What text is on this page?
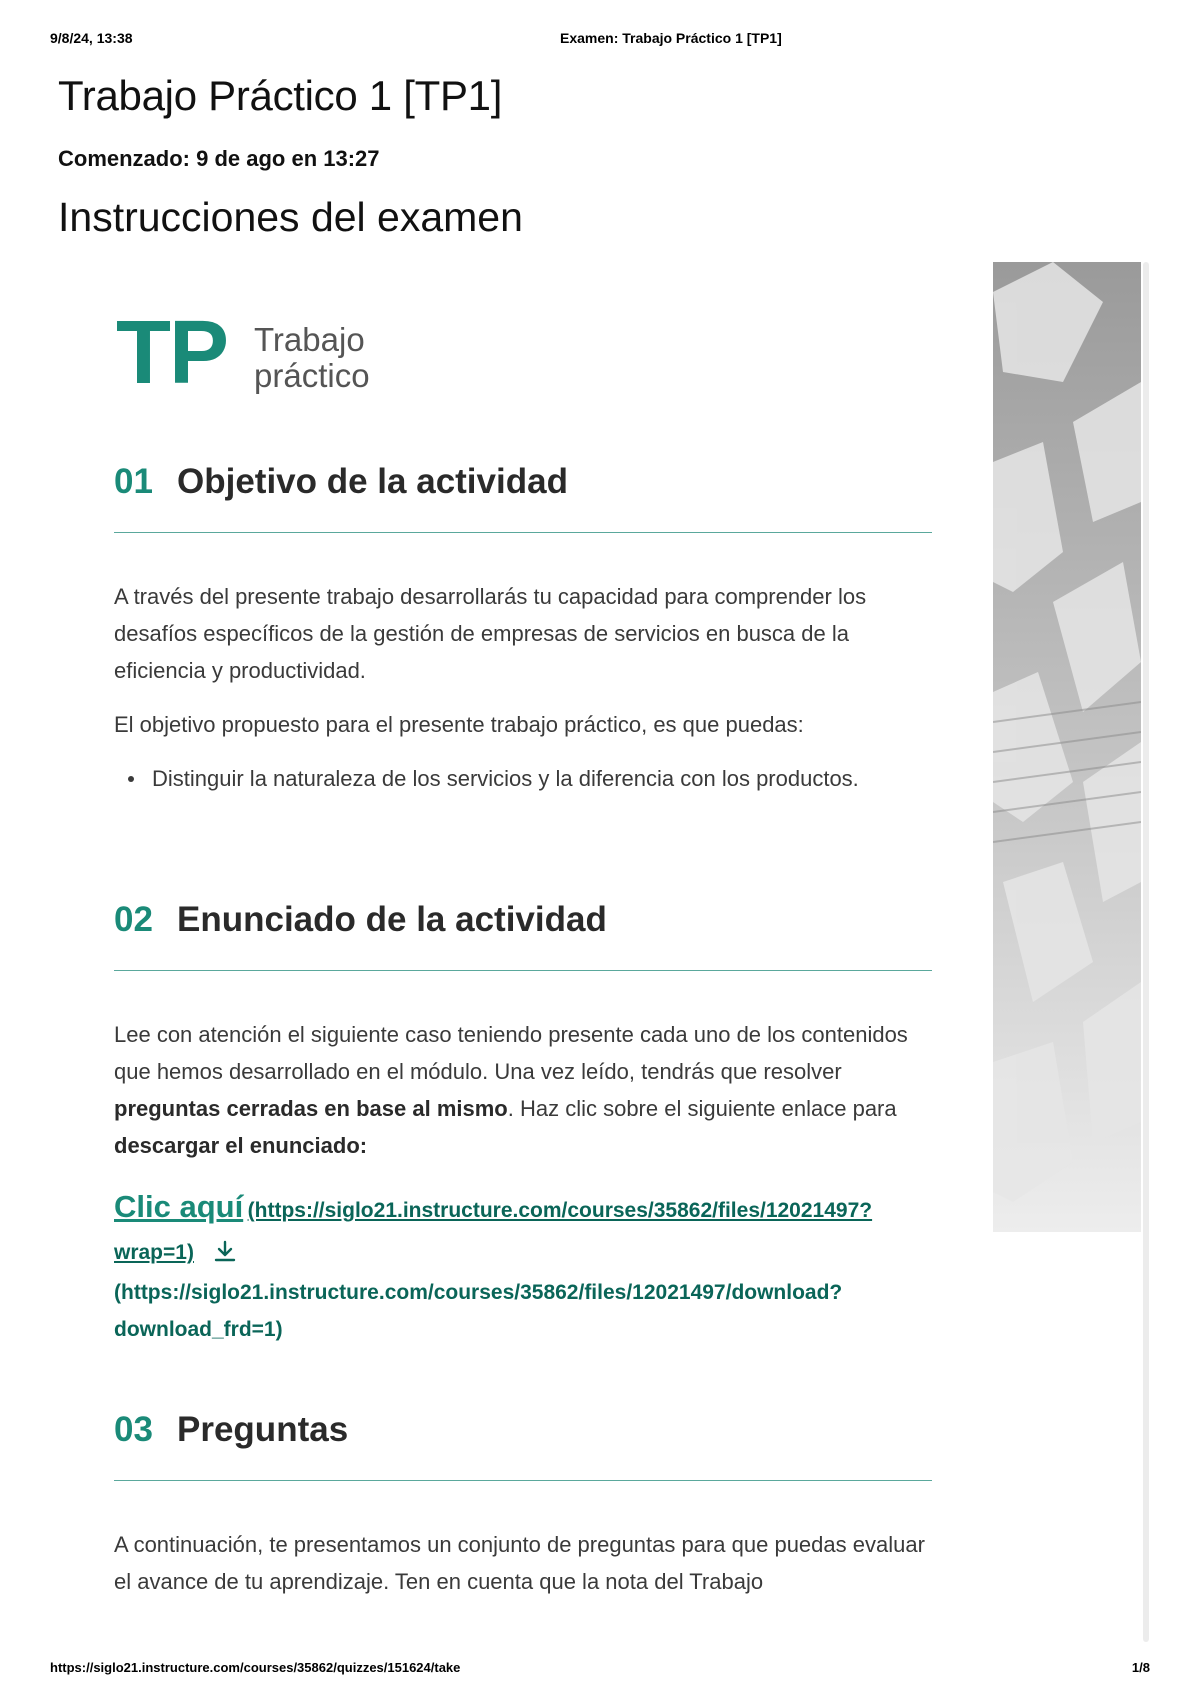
9/8/24, 13:38	Examen: Trabajo Práctico 1 [TP1]
Trabajo Práctico 1 [TP1]
Comenzado: 9 de ago en 13:27
Instrucciones del examen
TP Trabajo
práctico
01 Objetivo de la actividad

A través del presente trabajo desarrollarás tu capacidad para comprender los desafíos específicos de la gestión de empresas de servicios en busca de la eficiencia y productividad.

El objetivo propuesto para el presente trabajo práctico, es que puedas:

Distinguir la naturaleza de los servicios y la diferencia con los productos.
02 Enunciado de la actividad

Lee con atención el siguiente caso teniendo presente cada uno de los contenidos que hemos desarrollado en el módulo. Una vez leído, tendrás que resolver preguntas cerradas en base al mismo. Haz clic sobre el siguiente enlace para descargar el enunciado:

Clic aquí (https://siglo21.instructure.com/courses/35862/files/12021497?
wrap=1)
(https://siglo21.instructure.com/courses/35862/files/12021497/download?
download_frd=1)
03 Preguntas

A continuación, te presentamos un conjunto de preguntas para que puedas evaluar el avance de tu aprendizaje. Ten en cuenta que la nota del Trabajo

https://siglo21.instructure.com/courses/35862/quizzes/151624/take	1/8
